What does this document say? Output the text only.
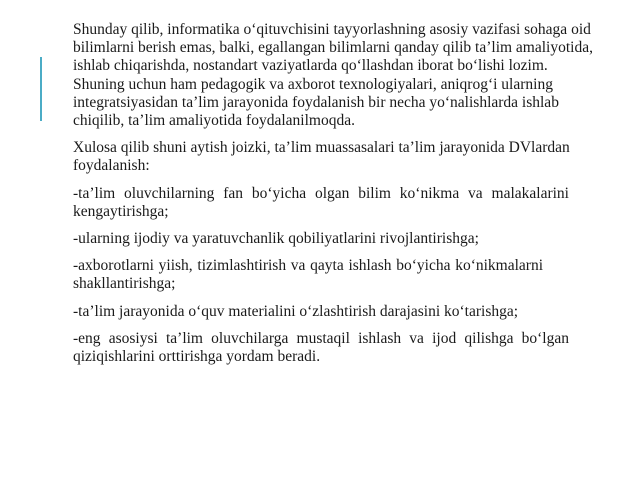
Shunday qilib, informatika o‘qituvchisini tayyorlashning asosiy vazifasi sohaga oid bilimlarni berish emas, balki, egallangan bilimlarni qanday qilib ta’lim amaliyotida, ishlab chiqarishda, nostandart vaziyatlarda qo‘llashdan iborat bo‘lishi lozim. Shuning uchun ham pedagogik va axborot texnologiyalari, aniqrog‘i ularning integratsiyasidan ta’lim jarayonida foydalanish bir necha yo‘nalishlarda ishlab chiqilib, ta’lim amaliyotida foydalanilmoqda.

Xulosa qilib shuni aytish joizki, ta’lim muassasalari ta’lim jarayonida DVlardan foydalanish:

-ta’lim oluvchilarning fan bo‘yicha olgan bilim ko‘nikma va malakalarini kengaytirishga;

-ularning ijodiy va yaratuvchanlik qobiliyatlarini rivojlantirishga;

-axborotlarni yiish, tizimlashtirish va qayta ishlash bo‘yicha ko‘nikmalarni shakllantirishga;

-ta’lim jarayonida o‘quv materialini o‘zlashtirish darajasini ko‘tarishga;

-eng asosiysi ta’lim oluvchilarga mustaqil ishlash va ijod qilishga bo‘lgan qiziqishlarini orttirishga yordam beradi.
